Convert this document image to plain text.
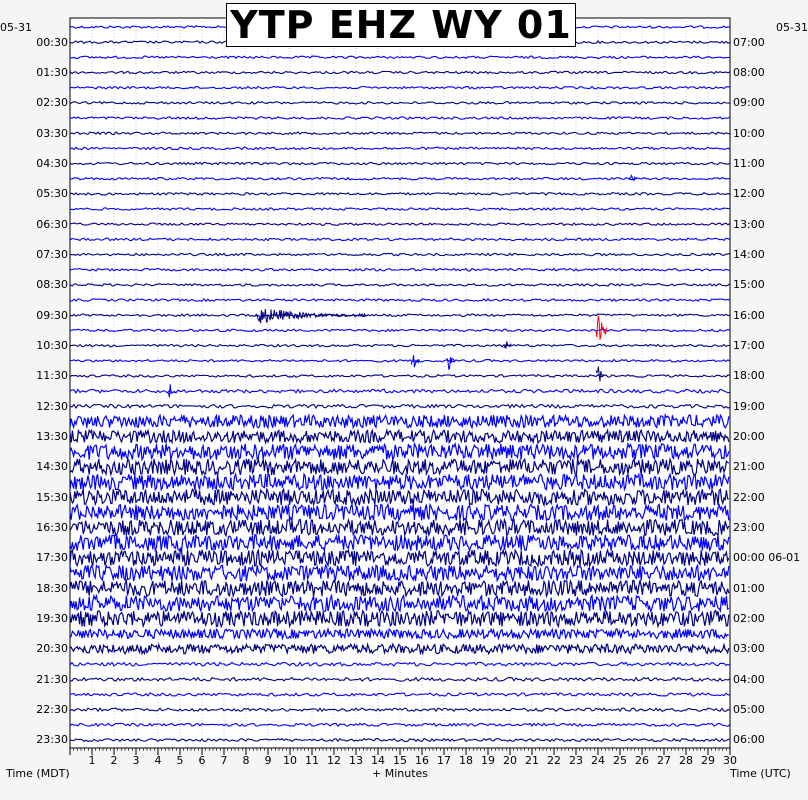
1 2 3 4 5 6 7 8 9 10 11 12 13 14 15 16 17 18 19 20 21 22 23 24 25 26 27 28 29 30
YTP EHZ WY 01
05-31	05-31
00:30
01:30
02:30
03:30
04:30
05:30
06:30
07:30
08:30
09:30
10:30
11:30
12:30
13:30
14:30
15:30
16:30
17:30
18:30
19:30
20:30
21:30
22:30
23:30
07:00
08:00
09:00
10:00
11:00
12:00
13:00
14:00
15:00
16:00
17:00
18:00
19:00
20:00
21:00
22:00
23:00
00:00 06-01
01:00
02:00
03:00
04:00
05:00
06:00
Time (MDT)	+ Minutes	Time (UTC)
